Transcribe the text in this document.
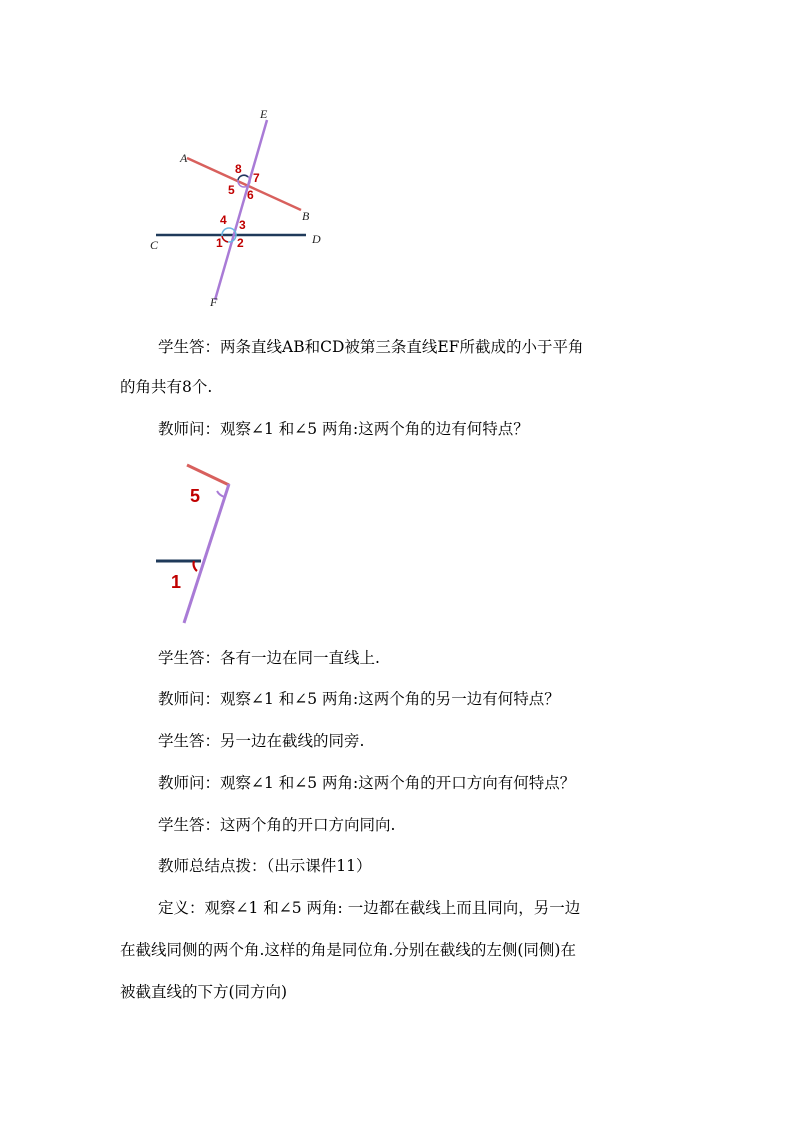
E
A
B
C	D
F
8
7
5 6
4 3
1 2
学生答：两条直线AB和CD被第三条直线EF所截成的小于平角
的角共有8个.
教师问：观察∠1 和∠5 两角:这两个角的边有何特点？
5
1
学生答：各有一边在同一直线上.
教师问：观察∠1 和∠5 两角:这两个角的另一边有何特点？
学生答：另一边在截线的同旁.
教师问：观察∠1 和∠5 两角:这两个角的开口方向有何特点？
学生答：这两个角的开口方向同向.
教师总结点拨：（出示课件11）
定义：观察∠1 和∠5 两角: 一边都在截线上而且同向，另一边
在截线同侧的两个角.这样的角是同位角.分别在截线的左侧(同侧)在
被截直线的下方(同方向)
